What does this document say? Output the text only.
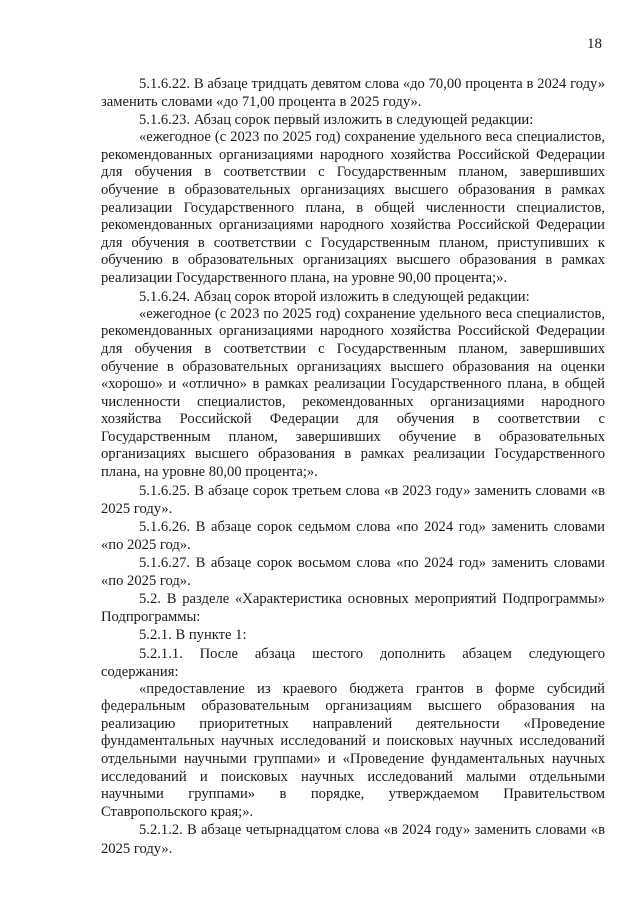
18

5.1.6.22. В абзаце тридцать девятом слова «до 70,00 процента в 2024 году» заменить словами «до 71,00 процента в 2025 году».

5.1.6.23. Абзац сорок первый изложить в следующей редакции:

«ежегодное (с 2023 по 2025 год) сохранение удельного веса специалистов, рекомендованных организациями народного хозяйства Российской Федерации для обучения в соответствии с Государственным планом, завершивших обучение в образовательных организациях высшего образования в рамках реализации Государственного плана, в общей численности специалистов, рекомендованных организациями народного хозяйства Российской Федерации для обучения в соответствии с Государственным планом, приступивших к обучению в образовательных организациях высшего образования в рамках реализации Государственного плана, на уровне 90,00 процента;».

5.1.6.24. Абзац сорок второй изложить в следующей редакции:

«ежегодное (с 2023 по 2025 год) сохранение удельного веса специалистов, рекомендованных организациями народного хозяйства Российской Федерации для обучения в соответствии с Государственным планом, завершивших обучение в образовательных организациях высшего образования на оценки «хорошо» и «отлично» в рамках реализации Государственного плана, в общей численности специалистов, рекомендованных организациями народного хозяйства Российской Федерации для обучения в соответствии с Государственным планом, завершивших обучение в образовательных организациях высшего образования в рамках реализации Государственного плана, на уровне 80,00 процента;».

5.1.6.25. В абзаце сорок третьем слова «в 2023 году» заменить словами «в 2025 году».

5.1.6.26. В абзаце сорок седьмом слова «по 2024 год» заменить словами «по 2025 год».

5.1.6.27. В абзаце сорок восьмом слова «по 2024 год» заменить словами «по 2025 год».

5.2. В разделе «Характеристика основных мероприятий Подпрограммы» Подпрограммы:

5.2.1. В пункте 1:

5.2.1.1. После абзаца шестого дополнить абзацем следующего содержания:

«предоставление из краевого бюджета грантов в форме субсидий федеральным образовательным организациям высшего образования на реализацию приоритетных направлений деятельности «Проведение фундаментальных научных исследований и поисковых научных исследований отдельными научными группами» и «Проведение фундаментальных научных исследований и поисковых научных исследований малыми отдельными научными группами» в порядке, утверждаемом Правительством Ставропольского края;».

5.2.1.2. В абзаце четырнадцатом слова «в 2024 году» заменить словами «в 2025 году».
